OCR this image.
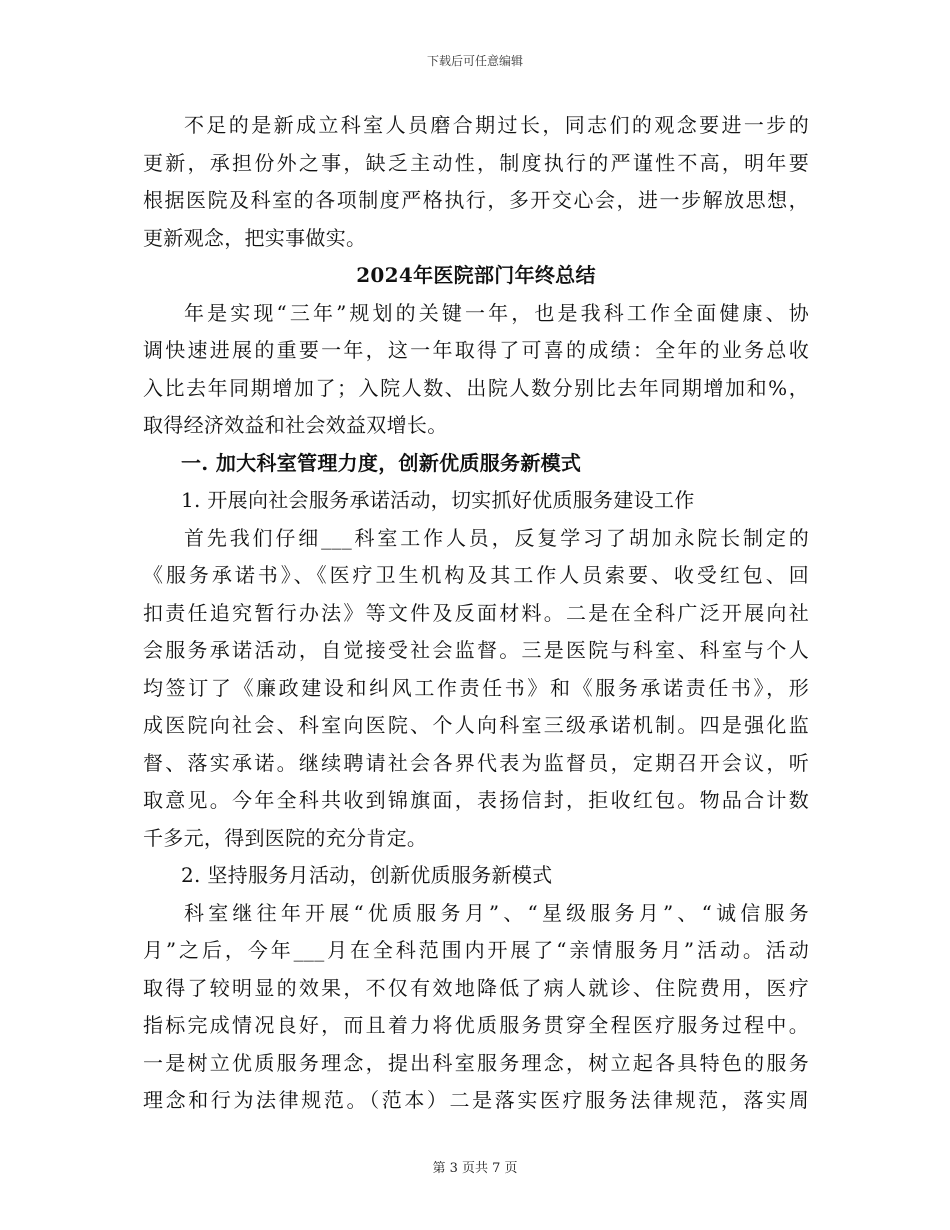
下载后可任意编辑
不足的是新成立科室人员磨合期过长，同志们的观念要进一步的
更新，承担份外之事，缺乏主动性，制度执行的严谨性不高，明年要
根据医院及科室的各项制度严格执行，多开交心会，进一步解放思想，
更新观念，把实事做实。
2024年医院部门年终总结
年是实现“三年”规划的关键一年，也是我科工作全面健康、协
调快速进展的重要一年，这一年取得了可喜的成绩：全年的业务总收
入比去年同期增加了；入院人数、出院人数分别比去年同期增加和%，
取得经济效益和社会效益双增长。
一. 加大科室管理力度，创新优质服务新模式
1. 开展向社会服务承诺活动，切实抓好优质服务建设工作
首先我们仔细___科室工作人员，反复学习了胡加永院长制定的
《服务承诺书》、《医疗卫生机构及其工作人员索要、收受红包、回
扣责任追究暂行办法》等文件及反面材料。二是在全科广泛开展向社
会服务承诺活动，自觉接受社会监督。三是医院与科室、科室与个人
均签订了《廉政建设和纠风工作责任书》和《服务承诺责任书》，形
成医院向社会、科室向医院、个人向科室三级承诺机制。四是强化监
督、落实承诺。继续聘请社会各界代表为监督员，定期召开会议，听
取意见。今年全科共收到锦旗面，表扬信封，拒收红包。物品合计数
千多元，得到医院的充分肯定。
2. 坚持服务月活动，创新优质服务新模式
科室继往年开展“优质服务月”、“星级服务月”、“诚信服务
月”之后，今年___月在全科范围内开展了“亲情服务月”活动。活动
取得了较明显的效果，不仅有效地降低了病人就诊、住院费用，医疗
指标完成情况良好，而且着力将优质服务贯穿全程医疗服务过程中。
一是树立优质服务理念，提出科室服务理念，树立起各具特色的服务
理念和行为法律规范。（范本）二是落实医疗服务法律规范，落实周
第 3 页共 7 页
